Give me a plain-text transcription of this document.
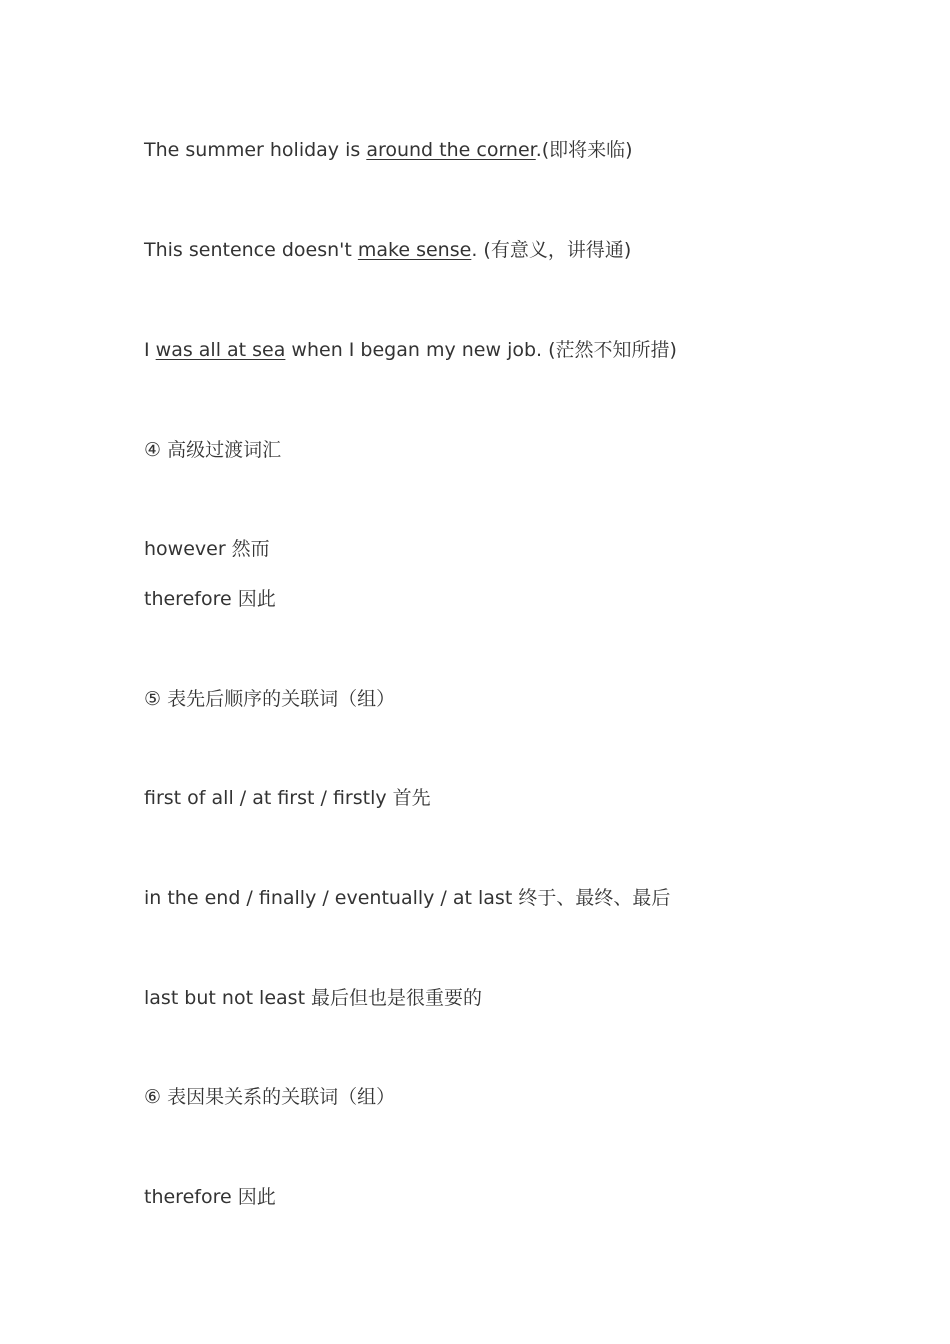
The summer holiday is around the corner.(即将来临)
This sentence doesn't make sense. (有意义，讲得通)
I was all at sea when I began my new job. (茫然不知所措)
④ 高级过渡词汇
however 然而
therefore 因此
⑤ 表先后顺序的关联词（组）
first of all / at first / firstly 首先
in the end / finally / eventually / at last 终于、最终、最后
last but not least 最后但也是很重要的
⑥ 表因果关系的关联词（组）
therefore 因此
